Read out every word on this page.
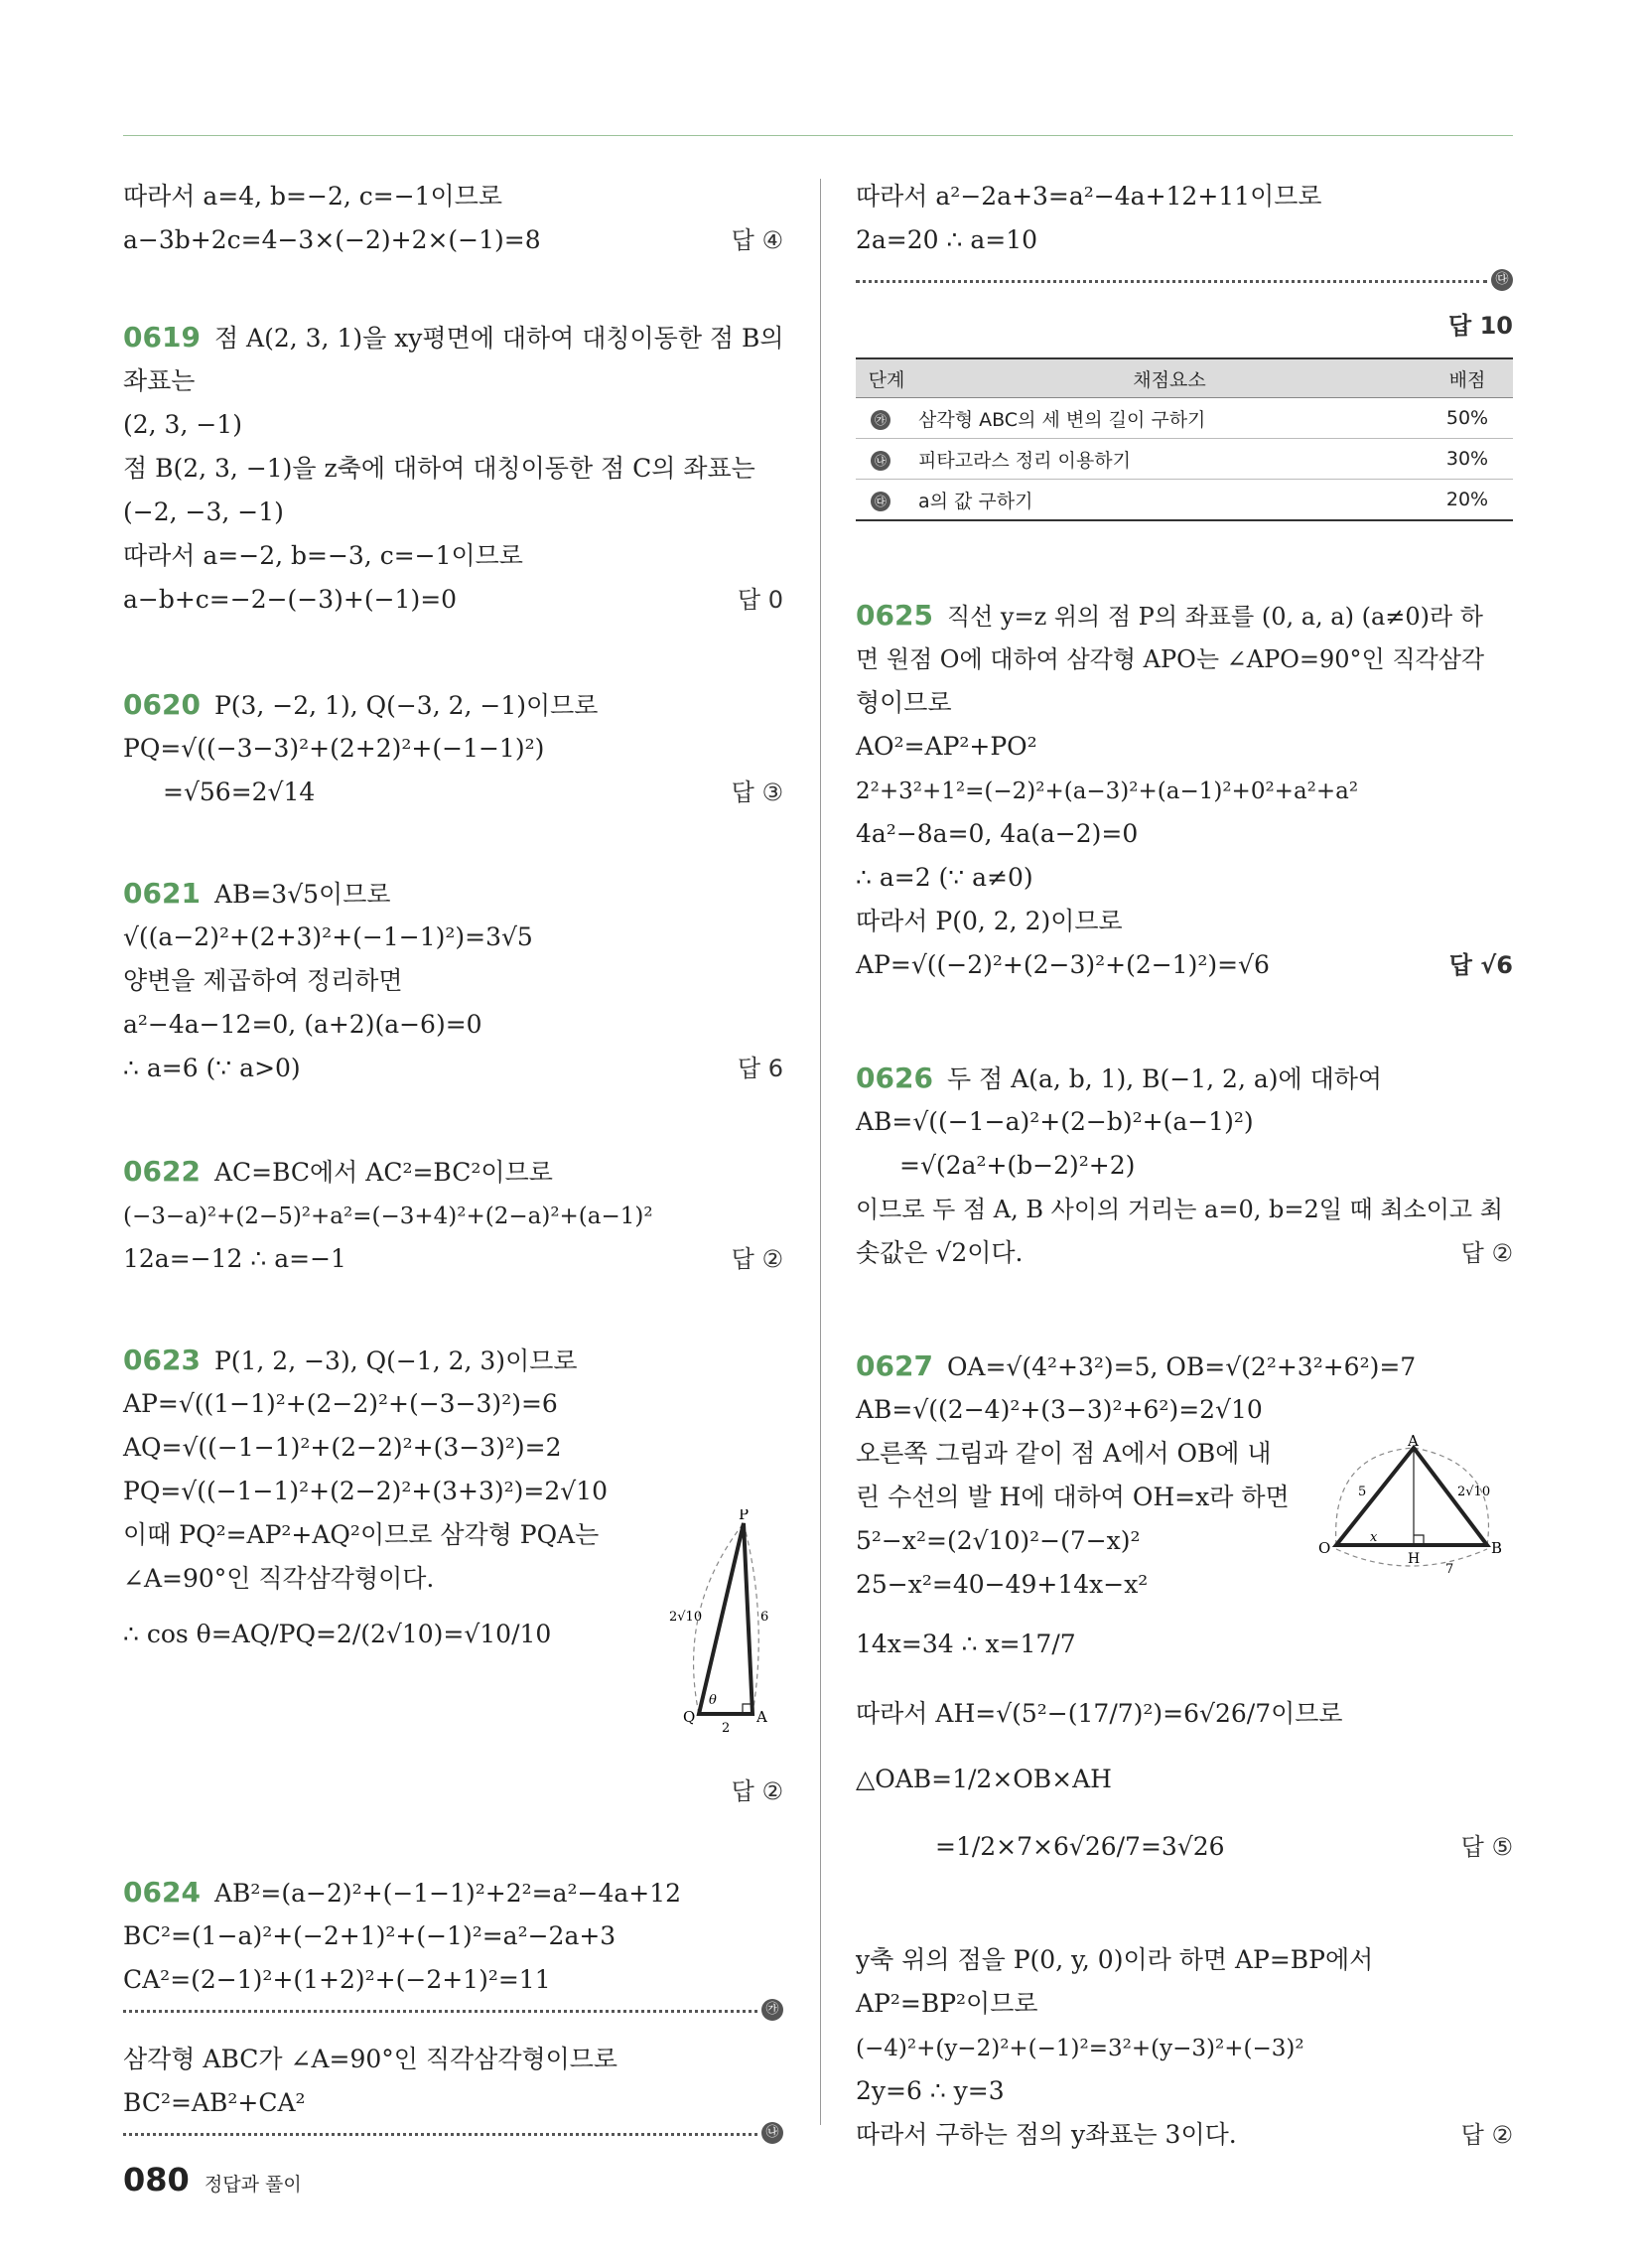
따라서 a=4, b=−2, c=−1이므로
a−3b+2c=4−3×(−2)+2×(−1)=8	답 ④
0619 점 A(2, 3, 1)을 xy평면에 대하여 대칭이동한 점 B의
좌표는
(2, 3, −1)
점 B(2, 3, −1)을 z축에 대하여 대칭이동한 점 C의 좌표는
(−2, −3, −1)
따라서 a=−2, b=−3, c=−1이므로
a−b+c=−2−(−3)+(−1)=0	답 0
0620 P(3, −2, 1), Q(−3, 2, −1)이므로
PQ=√((−3−3)²+(2+2)²+(−1−1)²)
=√56=2√14	답 ③
0621 AB=3√5이므로
√((a−2)²+(2+3)²+(−1−1)²)=3√5
양변을 제곱하여 정리하면
a²−4a−12=0, (a+2)(a−6)=0
∴ a=6 (∵ a>0)	답 6
0622 AC=BC에서 AC²=BC²이므로
(−3−a)²+(2−5)²+a²=(−3+4)²+(2−a)²+(a−1)²
12a=−12 ∴ a=−1	답 ②
0623 P(1, 2, −3), Q(−1, 2, 3)이므로
AP=√((1−1)²+(2−2)²+(−3−3)²)=6
AQ=√((−1−1)²+(2−2)²+(3−3)²)=2
PQ=√((−1−1)²+(2−2)²+(3+3)²)=2√10
이때 PQ²=AP²+AQ²이므로 삼각형 PQA는
∠A=90°인 직각삼각형이다.
∴ cos θ=AQ/PQ=2/(2√10)=√10/10
P
Q	A
θ
2√10	6
2
답 ②
0624 AB²=(a−2)²+(−1−1)²+2²=a²−4a+12
BC²=(1−a)²+(−2+1)²+(−1)²=a²−2a+3
CA²=(2−1)²+(1+2)²+(−2+1)²=11
㉮
삼각형 ABC가 ∠A=90°인 직각삼각형이므로
BC²=AB²+CA²
㉯
따라서 a²−2a+3=a²−4a+12+11이므로
2a=20 ∴ a=10
㉰
답 10
단계	채점요소	배점
㉮	삼각형 ABC의 세 변의 길이 구하기	50%
㉯	피타고라스 정리 이용하기	30%
㉰	a의 값 구하기	20%
0625 직선 y=z 위의 점 P의 좌표를 (0, a, a) (a≠0)라 하
면 원점 O에 대하여 삼각형 APO는 ∠APO=90°인 직각삼각
형이므로
AO²=AP²+PO²
2²+3²+1²=(−2)²+(a−3)²+(a−1)²+0²+a²+a²
4a²−8a=0, 4a(a−2)=0
∴ a=2 (∵ a≠0)
따라서 P(0, 2, 2)이므로
AP=√((−2)²+(2−3)²+(2−1)²)=√6	답 √6
0626 두 점 A(a, b, 1), B(−1, 2, a)에 대하여
AB=√((−1−a)²+(2−b)²+(a−1)²)
=√(2a²+(b−2)²+2)
이므로 두 점 A, B 사이의 거리는 a=0, b=2일 때 최소이고 최
솟값은 √2이다.	답 ②
0627 OA=√(4²+3²)=5, OB=√(2²+3²+6²)=7
AB=√((2−4)²+(3−3)²+6²)=2√10
오른쪽 그림과 같이 점 A에서 OB에 내
린 수선의 발 H에 대하여 OH=x라 하면
5²−x²=(2√10)²−(7−x)²
25−x²=40−49+14x−x²
14x=34 ∴ x=17/7
따라서 AH=√(5²−(17/7)²)=6√26/7이므로
△OAB=1/2×OB×AH
=1/2×7×6√26/7=3√26	답 ⑤
A
O	B
H
5	2√10
x
7
y축 위의 점을 P(0, y, 0)이라 하면 AP=BP에서
AP²=BP²이므로
(−4)²+(y−2)²+(−1)²=3²+(y−3)²+(−3)²
2y=6 ∴ y=3
따라서 구하는 점의 y좌표는 3이다.	답 ②
080 정답과 풀이
